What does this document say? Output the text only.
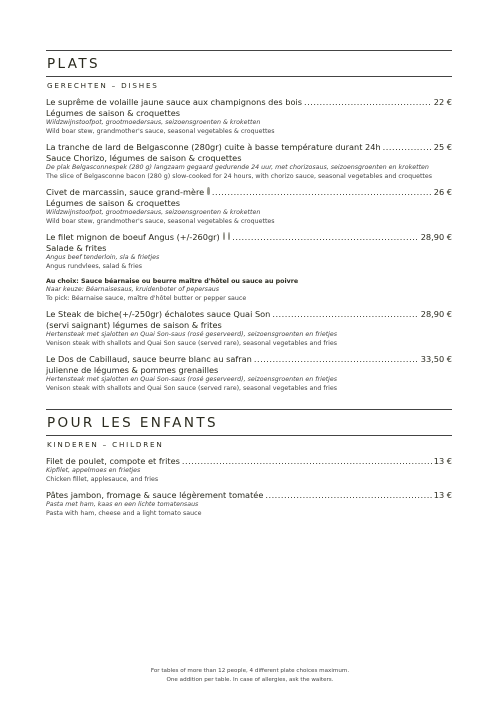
PLATS
GERECHTEN – DISHES
Le suprême de volaille jaune sauce aux champignons des bois .....	22 €
Légumes de saison & croquettes
Wildzwijnstoofpot, grootmoedersaus, seizoensgroenten & kroketten
Wild boar stew, grandmother's sauce, seasonal vegetables & croquettes
La tranche de lard de Belgasconne (280gr) cuite à basse température durant 24h .....	25 €
Sauce Chorizo, légumes de saison & croquettes
De plak Belgasconnespek (280 g) langzaam gegaard gedurende 24 uur, met chorizosaus, seizoensgroenten en kroketten
The slice of Belgasconne bacon (280 g) slow-cooked for 24 hours, with chorizo sauce, seasonal vegetables and croquettes
Civet de marcassin, sauce grand-mère .....	26 €
Légumes de saison & croquettes
Wildzwijnstoofpot, grootmoedersaus, seizoensgroenten & kroketten
Wild boar stew, grandmother's sauce, seasonal vegetables & croquettes
Le filet mignon de boeuf Angus (+/-260gr) .....	28,90 €
Salade & frites
Angus beef tenderloin, sla & frietjes
Angus rundvlees, salad & fries
Au choix: Sauce béarnaise ou beurre maître d'hôtel ou sauce au poivre
Naar keuze: Béarnaisesaus, kruidenboter of pepersaus
To pick: Béarnaise sauce, maître d'hôtel butter or pepper sauce
Le Steak de biche(+/-250gr) échalotes sauce Quai Son .....	28,90 €
(servi saignant) légumes de saison & frites
Hertensteak met sjalotten en Quai Son-saus (rosé geserveerd), seizoensgroenten en frietjes
Venison steak with shallots and Quai Son sauce (served rare), seasonal vegetables and fries
Le Dos de Cabillaud, sauce beurre blanc au safran .....	33,50 €
julienne de légumes & pommes grenailles
Hertensteak met sjalotten en Quai Son-saus (rosé geserveerd), seizoensgroenten en frietjes
Venison steak with shallots and Quai Son sauce (served rare), seasonal vegetables and fries
POUR LES ENFANTS
KINDEREN – CHILDREN
Filet de poulet, compote et frites .....	13 €
Kipfilet, appelmoes en frietjes
Chicken fillet, applesauce, and fries
Pâtes jambon, fromage & sauce légèrement tomatée .....	13 €
Pasta met ham, kaas en een lichte tomatensaus
Pasta with ham, cheese and a light tomato sauce
For tables of more than 12 people, 4 different plate choices maximum.
One addition per table. In case of allergies, ask the waiters.
